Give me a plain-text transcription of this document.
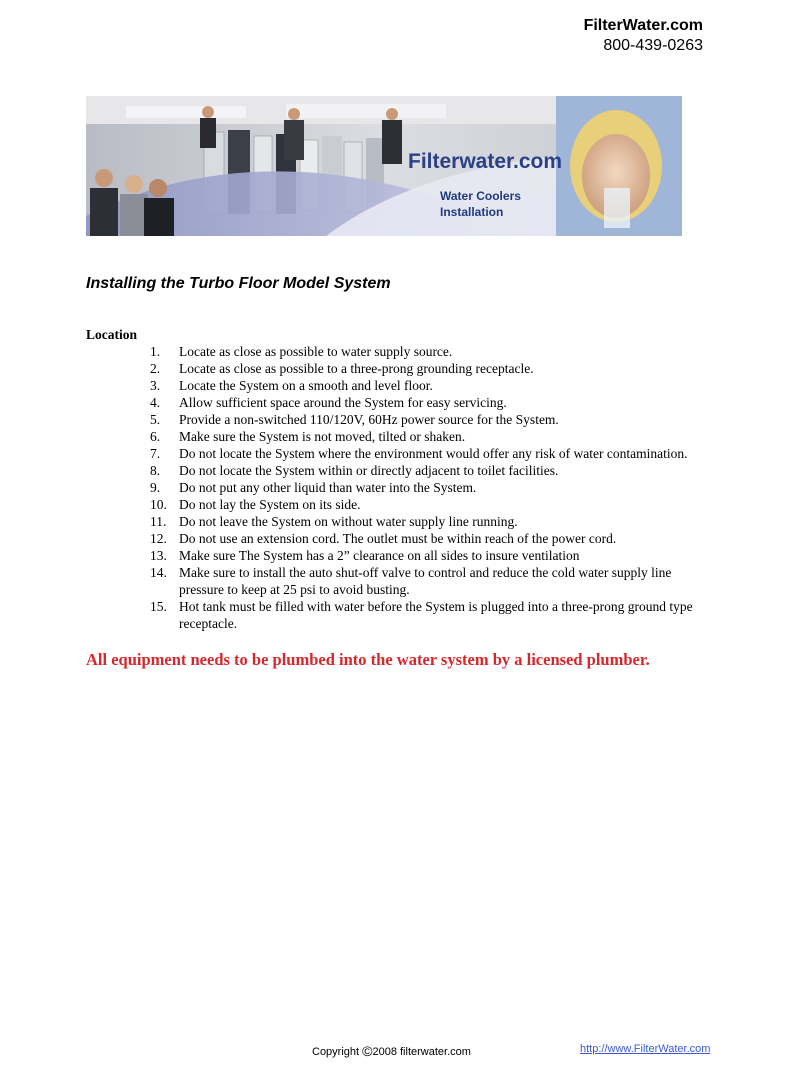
FilterWater.com
800-439-0263
Filterwater.com
Water Coolers
Installation
Installing the Turbo Floor Model System
Location
1. Locate as close as possible to water supply source.
2. Locate as close as possible to a three-prong grounding receptacle.
3. Locate the System on a smooth and level floor.
4. Allow sufficient space around the System for easy servicing.
5. Provide a non-switched 110/120V, 60Hz power source for the System.
6. Make sure the System is not moved, tilted or shaken.
7. Do not locate the System where the environment would offer any risk of water contamination.
8. Do not locate the System within or directly adjacent to toilet facilities.
9. Do not put any other liquid than water into the System.
10. Do not lay the System on its side.
11. Do not leave the System on without water supply line running.
12. Do not use an extension cord. The outlet must be within reach of the power cord.
13. Make sure The System has a 2” clearance on all sides to insure ventilation
14. Make sure to install the auto shut-off valve to control and reduce the cold water supply line pressure to keep at 25 psi to avoid busting.
15. Hot tank must be filled with water before the System is plugged into a three-prong ground type receptacle.
All equipment needs to be plumbed into the water system by a licensed plumber.
Copyright ©2008 filterwater.com	http://www.FilterWater.com
